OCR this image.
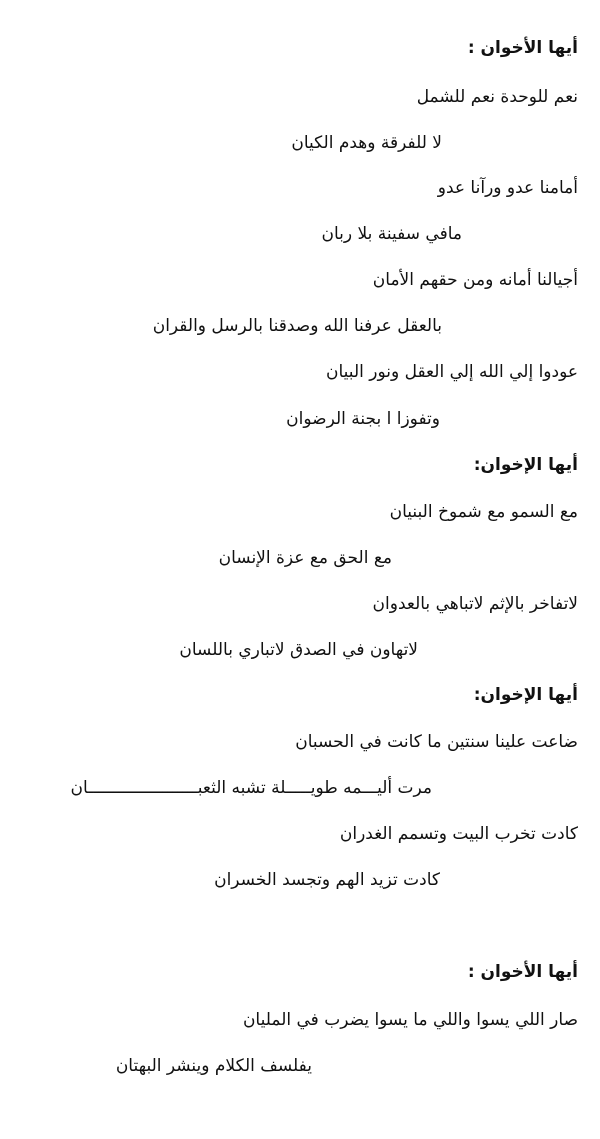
أيها الأخوان :
نعم للوحدة نعم للشمل
لا للفرقة وهدم الكيان
أمامنا عدو ورآنا عدو
مافي سفينة بلا ربان
أجيالنا أمانه ومن حقهم الأمان
بالعقل عرفنا الله وصدقنا بالرسل والقران
عودوا إلي الله إلي العقل ونور البيان
وتفوزا ا بجنة الرضوان
أيها الإخوان:
مع السمو مع شموخ البنيان
مع الحق مع عزة الإنسان
لاتفاخر بالإثم لاتباهي بالعدوان
لاتهاون في الصدق لاتباري باللسان
أيها الإخوان:
ضاعت علينا سنتين ما كانت في الحسبان
مرت أليـــمه طويـــــلة تشبه الثعبــــــــــــــــــــــان
كادت تخرب البيت وتسمم الغدران
كادت تزيد الهم وتجسد الخسران
أيها الأخوان :
صار اللي يسوا واللي ما يسوا يضرب في المليان
يفلسف الكلام وينشر البهتان
